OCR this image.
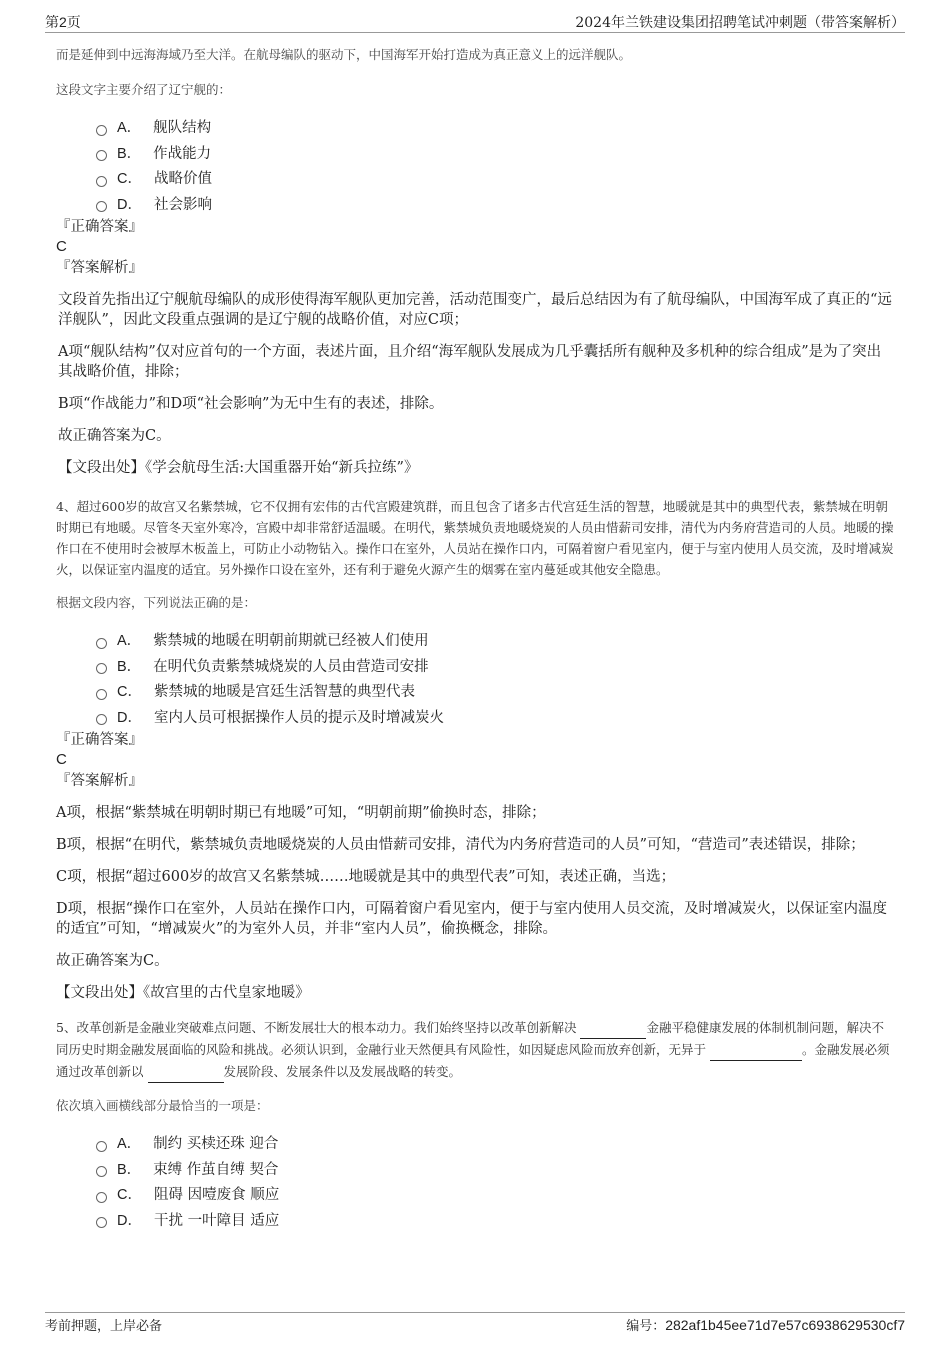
第2页	2024年兰铁建设集团招聘笔试冲刺题（带答案解析）

而是延伸到中远海海域乃至大洋。在航母编队的驱动下，中国海军开始打造成为真正意义上的远洋舰队。

这段文字主要介绍了辽宁舰的：

A． 舰队结构
B． 作战能力
C． 战略价值
D． 社会影响

『正确答案』

C

『答案解析』

文段首先指出辽宁舰航母编队的成形使得海军舰队更加完善，活动范围变广，最后总结因为有了航母编队，中国海军成了真正的“远洋舰队”，因此文段重点强调的是辽宁舰的战略价值，对应C项；

A项“舰队结构”仅对应首句的一个方面，表述片面，且介绍“海军舰队发展成为几乎囊括所有舰种及多机种的综合组成”是为了突出其战略价值，排除；

B项“作战能力”和D项“社会影响”为无中生有的表述，排除。

故正确答案为C。

【文段出处】《学会航母生活:大国重器开始“新兵拉练”》

4、超过600岁的故宫又名紫禁城，它不仅拥有宏伟的古代宫殿建筑群，而且包含了诸多古代宫廷生活的智慧，地暖就是其中的典型代表，紫禁城在明朝时期已有地暖。尽管冬天室外寒冷，宫殿中却非常舒适温暖。在明代，紫禁城负责地暖烧炭的人员由惜薪司安排，清代为内务府营造司的人员。地暖的操作口在不使用时会被厚木板盖上，可防止小动物钻入。操作口在室外，人员站在操作口内，可隔着窗户看见室内，便于与室内使用人员交流，及时增减炭火，以保证室内温度的适宜。另外操作口设在室外，还有利于避免火源产生的烟雾在室内蔓延或其他安全隐患。

根据文段内容，下列说法正确的是：

A． 紫禁城的地暖在明朝前期就已经被人们使用
B． 在明代负责紫禁城烧炭的人员由营造司安排
C． 紫禁城的地暖是宫廷生活智慧的典型代表
D． 室内人员可根据操作人员的提示及时增减炭火

『正确答案』

C

『答案解析』

A项，根据“紫禁城在明朝时期已有地暖”可知，“明朝前期”偷换时态，排除；

B项，根据“在明代，紫禁城负责地暖烧炭的人员由惜薪司安排，清代为内务府营造司的人员”可知，“营造司”表述错误，排除；

C项，根据“超过600岁的故宫又名紫禁城……地暖就是其中的典型代表”可知，表述正确，当选；

D项，根据“操作口在室外，人员站在操作口内，可隔着窗户看见室内，便于与室内使用人员交流，及时增减炭火，以保证室内温度的适宜”可知，“增减炭火”的为室外人员，并非“室内人员”，偷换概念，排除。

故正确答案为C。

【文段出处】《故宫里的古代皇家地暖》

5、改革创新是金融业突破难点问题、不断发展壮大的根本动力。我们始终坚持以改革创新解决	金融平稳健康发展的体制机制问题，解决不同历史时期金融发展面临的风险和挑战。必须认识到，金融行业天然便具有风险性，如因疑虑风险而放弃创新，无异于	。金融发展必须通过改革创新以	发展阶段、发展条件以及发展战略的转变。

依次填入画横线部分最恰当的一项是：

A． 制约 买椟还珠 迎合
B． 束缚 作茧自缚 契合
C． 阻碍 因噎废食 顺应
D． 干扰 一叶障目 适应
考前押题，上岸必备	编号：282af1b45ee71d7e57c6938629530cf7
